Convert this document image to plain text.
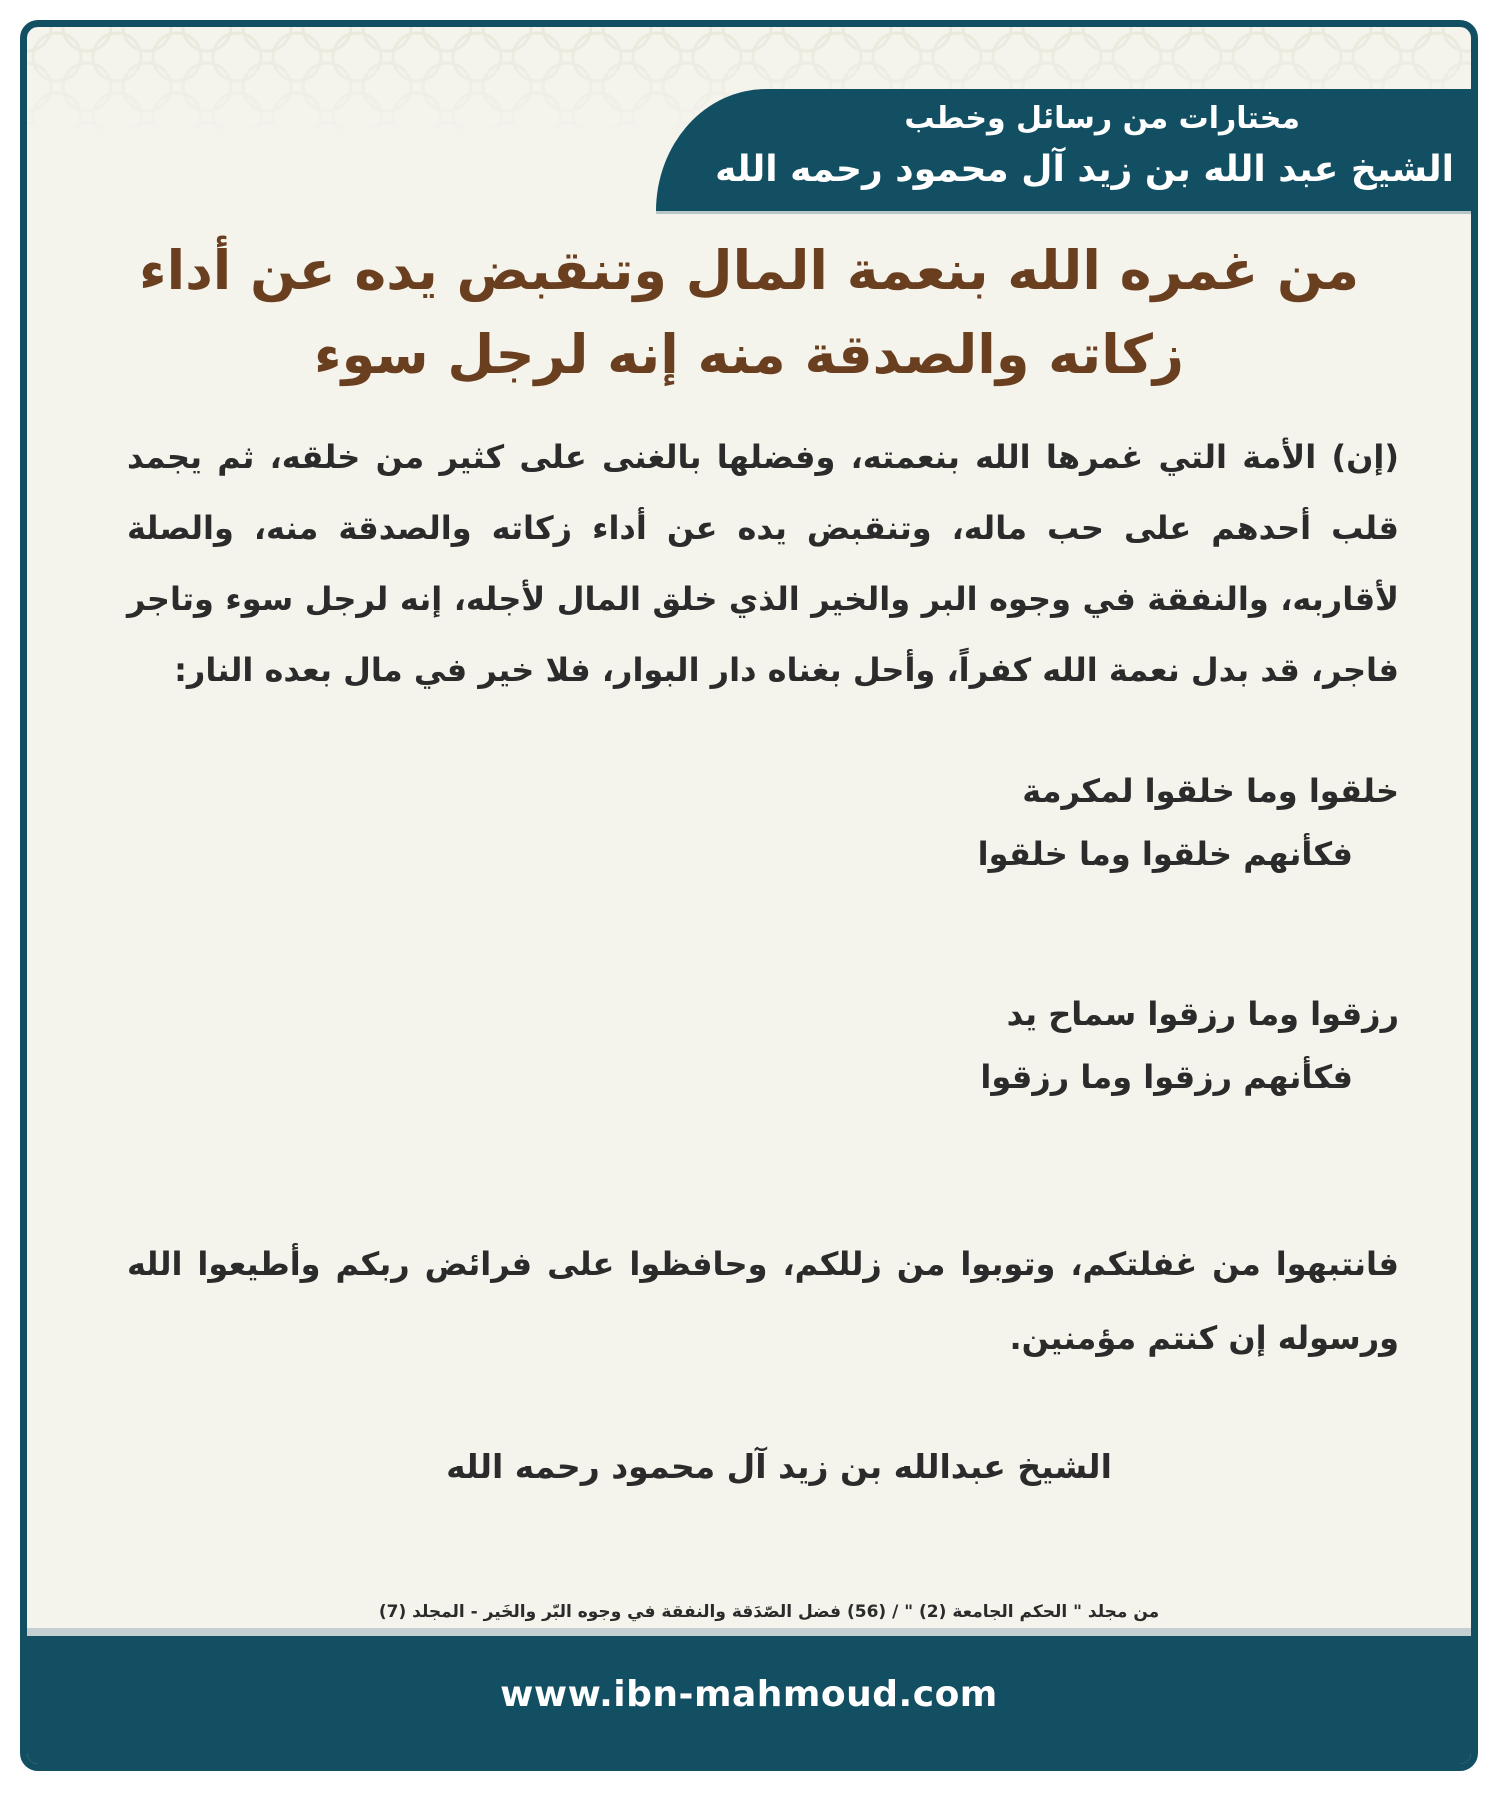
مختارات من رسائل وخطب
الشيخ عبد الله بن زيد آل محمود رحمه الله
من غمره الله بنعمة المال وتنقبض يده عن أداء
زكاته والصدقة منه إنه لرجل سوء
(إن) الأمة التي غمرها الله بنعمته، وفضلها بالغنى على كثير من خلقه، ثم يجمد قلب أحدهم على حب ماله، وتنقبض يده عن أداء زكاته والصدقة منه، والصلة لأقاربه، والنفقة في وجوه البر والخير الذي خلق المال لأجله، إنه لرجل سوء وتاجر فاجر، قد بدل نعمة الله كفراً، وأحل بغناه دار البوار، فلا خير في مال بعده النار:
خلقوا وما خلقوا لمكرمة
فكأنهم خلقوا وما خلقوا
رزقوا وما رزقوا سماح يد
فكأنهم رزقوا وما رزقوا
فانتبهوا من غفلتكم، وتوبوا من زللكم، وحافظوا على فرائض ربكم وأطيعوا الله ورسوله إن كنتم مؤمنين.
الشيخ عبدالله بن زيد آل محمود رحمه الله
من مجلد " الحكم الجامعة (2) " / (56) فضل الصّدَقة والنفقة في وجوه البّر والخَير - المجلد (7)
www.ibn-mahmoud.com
